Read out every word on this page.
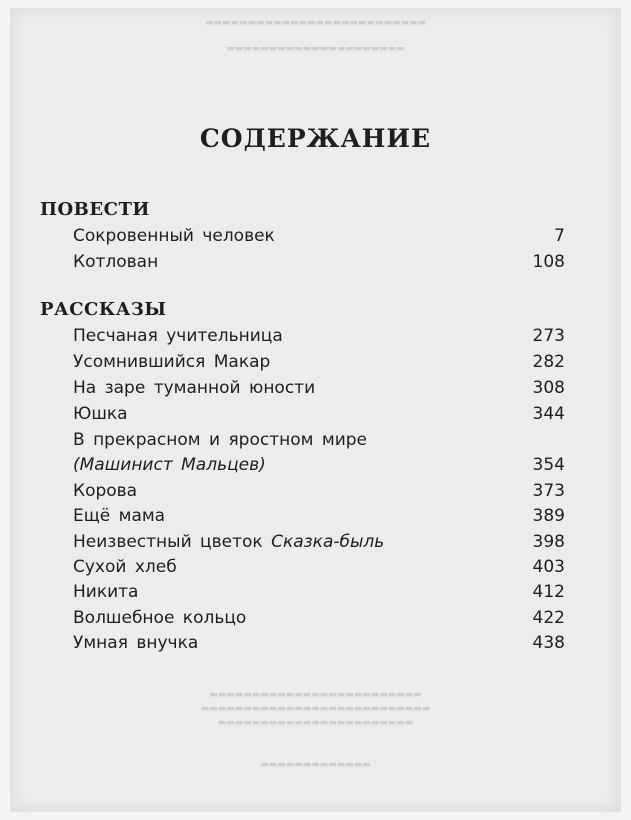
▬▬▬▬▬▬▬▬▬▬▬▬▬▬▬▬▬▬▬▬▬▬▬▬▬▬
▬▬▬▬▬▬▬▬▬▬▬▬▬▬▬▬▬▬▬▬▬
СОДЕРЖАНИЕ
ПОВЕСТИ
Сокровенный человек	7
Котлован	108
РАССКАЗЫ
Песчаная учительница	273
Усомнившийся Макар	282
На заре туманной юности	308
Юшка	344
В прекрасном и яростном мире
(Машинист Мальцев)	354
Корова	373
Ещё мама	389
Неизвестный цветок Сказка-быль	398
Сухой хлеб	403
Никита	412
Волшебное кольцо	422
Умная внучка	438
▬▬▬▬▬▬▬▬▬▬▬▬▬▬▬▬▬▬▬▬▬▬▬▬▬
▬▬▬▬▬▬▬▬▬▬▬▬▬▬▬▬▬▬▬▬▬▬▬▬▬▬▬
▬▬▬▬▬▬▬▬▬▬▬▬▬▬▬▬▬▬▬▬▬▬▬
▬▬▬▬▬▬▬▬▬▬▬▬▬
